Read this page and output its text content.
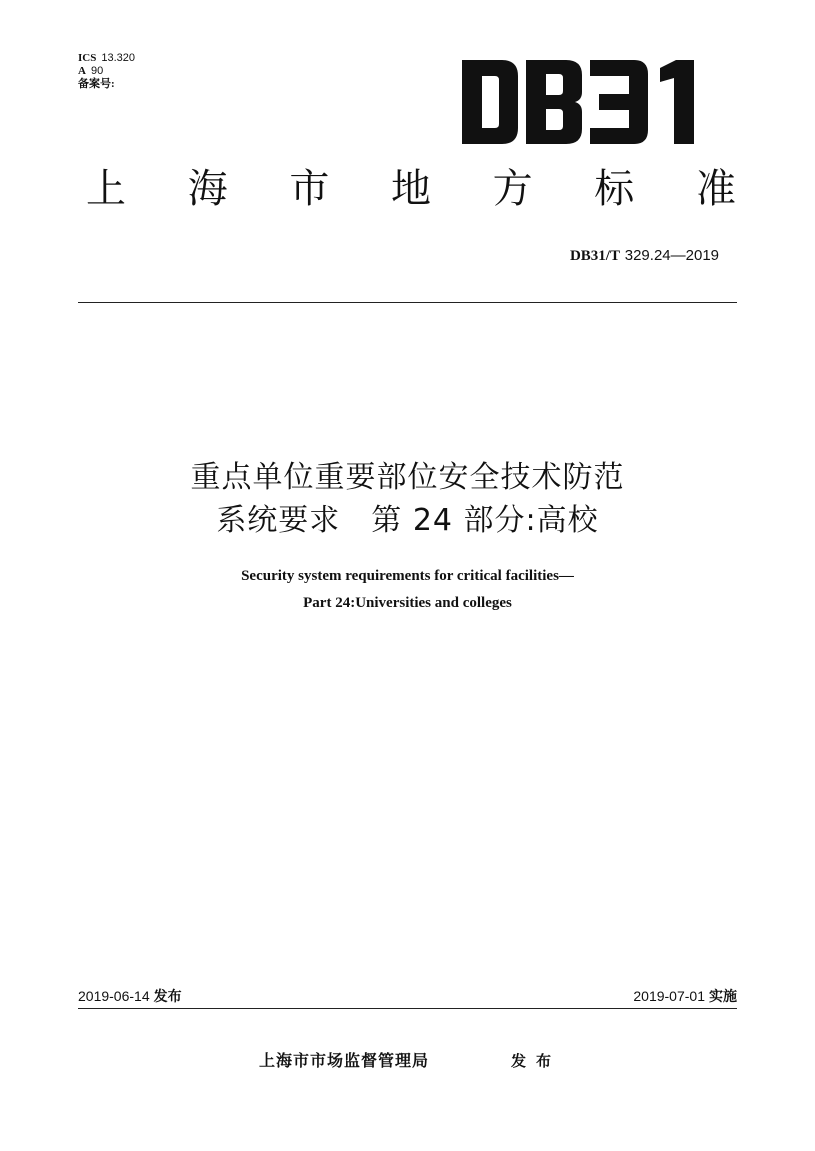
ICS 13.320
A 90
备案号:
上 海 市 地 方 标 准
DB31/T 329.24—2019
重点单位重要部位安全技术防范
系统要求　第 24 部分:高校
Security system requirements for critical facilities—
Part 24:Universities and colleges
2019-06-14 发布	2019-07-01 实施
上海市市场监督管理局	发布
